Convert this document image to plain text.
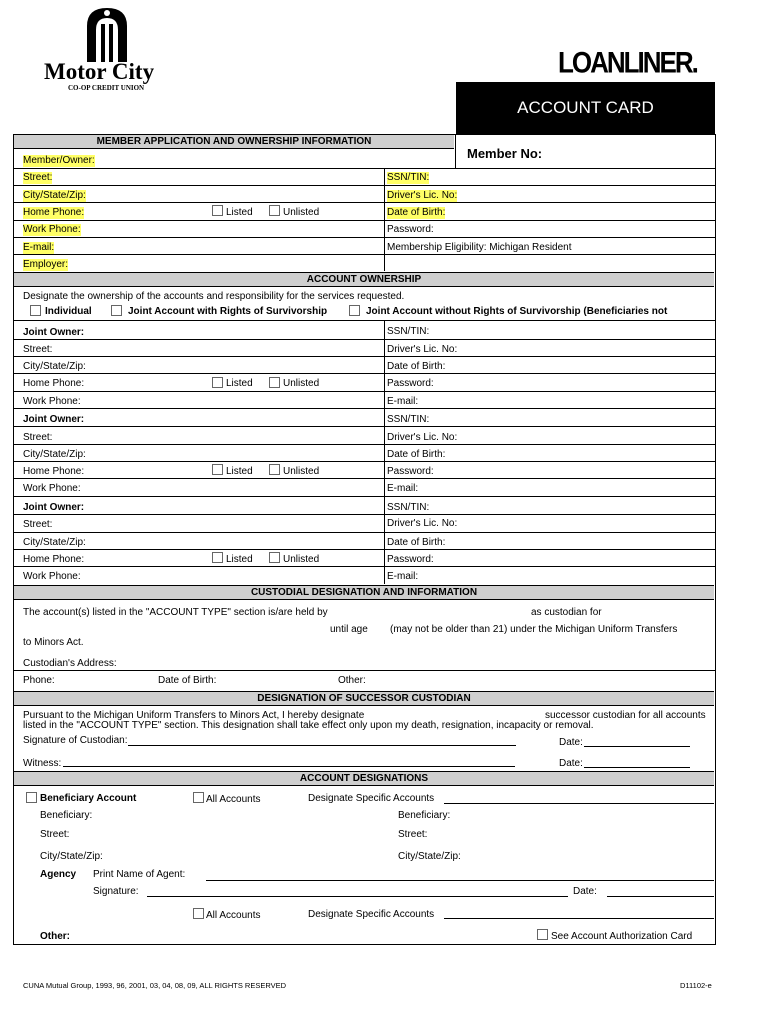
Motor City
CO-OP CREDIT UNION
LOANLINER.
ACCOUNT CARD
MEMBER APPLICATION AND OWNERSHIP INFORMATION
Member No:
Member/Owner:
Street:	SSN/TIN:
City/State/Zip:	Driver's Lic. No:
Home Phone:	Listed	Unlisted	Date of Birth:
Work Phone:	Password:
E-mail:	Membership Eligibility: Michigan Resident
Employer:
ACCOUNT OWNERSHIP
Designate the ownership of the accounts and responsibility for the services requested.
Individual	Joint Account with Rights of Survivorship	Joint Account without Rights of Survivorship (Beneficiaries not
Joint Owner:	SSN/TIN:
Street:	Driver's Lic. No:
City/State/Zip:	Date of Birth:
Home Phone:	Listed	Unlisted	Password:
Work Phone:	E-mail:
Joint Owner:	SSN/TIN:
Street:	Driver's Lic. No:
City/State/Zip:	Date of Birth:
Home Phone:	Listed	Unlisted	Password:
Work Phone:	E-mail:
Joint Owner:	SSN/TIN:
Street:	Driver's Lic. No:
City/State/Zip:	Date of Birth:
Home Phone:	Listed	Unlisted	Password:
Work Phone:	E-mail:
CUSTODIAL DESIGNATION AND INFORMATION
The account(s) listed in the "ACCOUNT TYPE" section is/are held by	as custodian for
until age (may not be older than 21) under the Michigan Uniform Transfers
to Minors Act.
Custodian's Address:
Phone:	Date of Birth:	Other:
DESIGNATION OF SUCCESSOR CUSTODIAN
Pursuant to the Michigan Uniform Transfers to Minors Act, I hereby designate	successor custodian for all accounts
listed in the "ACCOUNT TYPE" section. This designation shall take effect only upon my death, resignation, incapacity or removal.
Signature of Custodian:	Date:
Witness:	Date:
ACCOUNT DESIGNATIONS
Beneficiary Account	All Accounts	Designate Specific Accounts
Beneficiary:	Beneficiary:
Street:	Street:
City/State/Zip:	City/State/Zip:
Agency Print Name of Agent:
Signature:	Date:
All Accounts	Designate Specific Accounts
Other:	See Account Authorization Card
CUNA Mutual Group, 1993, 96, 2001, 03, 04, 08, 09, ALL RIGHTS RESERVED	D11102-e
